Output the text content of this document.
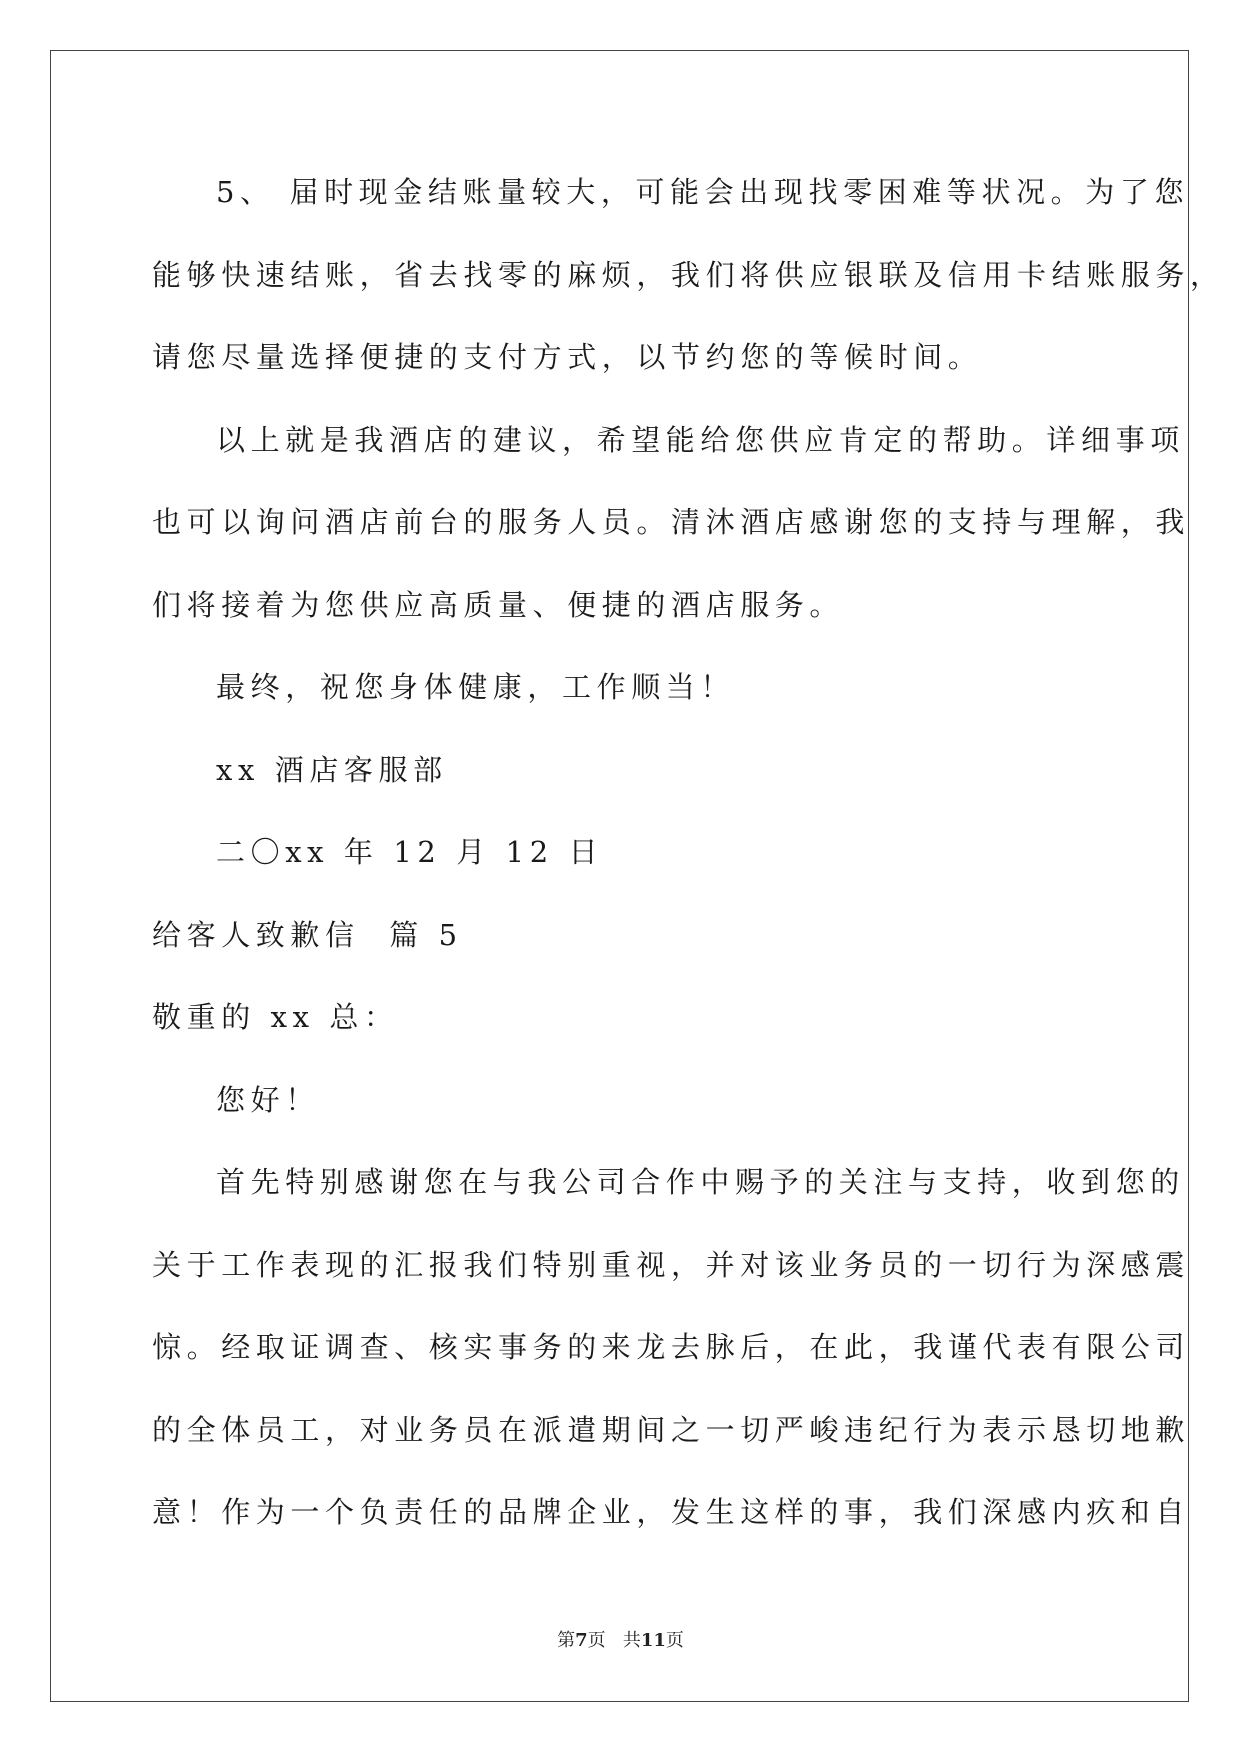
5、 届时现金结账量较大，可能会出现找零困难等状况。为了您
能够快速结账，省去找零的麻烦，我们将供应银联及信用卡结账服务，
请您尽量选择便捷的支付方式，以节约您的等候时间。
以上就是我酒店的建议，希望能给您供应肯定的帮助。详细事项
也可以询问酒店前台的服务人员。清沐酒店感谢您的支持与理解，我
们将接着为您供应高质量、便捷的酒店服务。
最终，祝您身体健康，工作顺当！
xx 酒店客服部
二〇xx 年 12 月 12 日
给客人致歉信  篇 5
敬重的 xx 总：
您好！
首先特别感谢您在与我公司合作中赐予的关注与支持，收到您的
关于工作表现的汇报我们特别重视，并对该业务员的一切行为深感震
惊。经取证调查、核实事务的来龙去脉后，在此，我谨代表有限公司
的全体员工，对业务员在派遣期间之一切严峻违纪行为表示恳切地歉
意！作为一个负责任的品牌企业，发生这样的事，我们深感内疚和自
第7页 共11页
